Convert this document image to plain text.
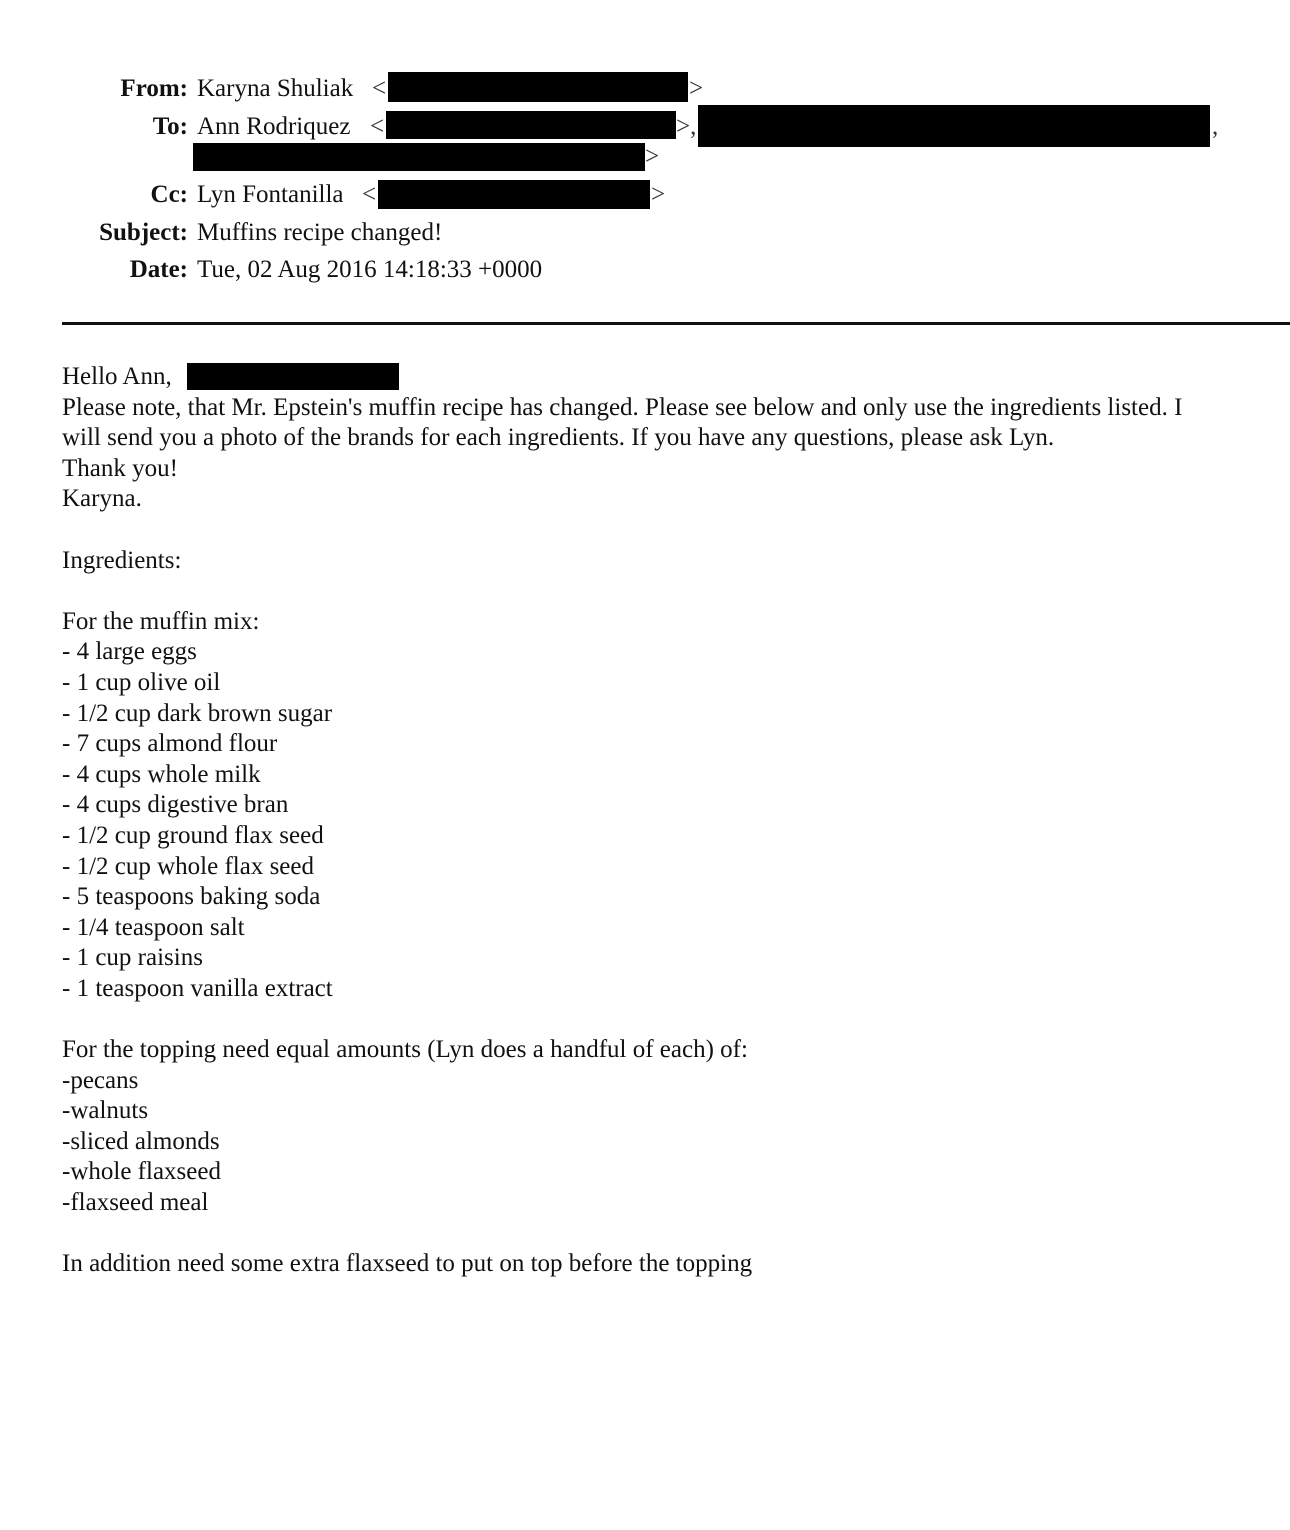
From: Karyna Shuliak <	>
To: Ann Rodriquez <	>,	,
>
Cc: Lyn Fontanilla <	>
Subject: Muffins recipe changed!
Date: Tue, 02 Aug 2016 14:18:33 +0000
Hello Ann,
Please note, that Mr. Epstein's muffin recipe has changed. Please see below and only use the ingredients listed. I
will send you a photo of the brands for each ingredients. If you have any questions, please ask Lyn.
Thank you!
Karyna.
Ingredients:
For the muffin mix:
- 4 large eggs
- 1 cup olive oil
- 1/2 cup dark brown sugar
- 7 cups almond flour
- 4 cups whole milk
- 4 cups digestive bran
- 1/2 cup ground flax seed
- 1/2 cup whole flax seed
- 5 teaspoons baking soda
- 1/4 teaspoon salt
- 1 cup raisins
- 1 teaspoon vanilla extract
For the topping need equal amounts (Lyn does a handful of each) of:
-pecans
-walnuts
-sliced almonds
-whole flaxseed
-flaxseed meal
In addition need some extra flaxseed to put on top before the topping
